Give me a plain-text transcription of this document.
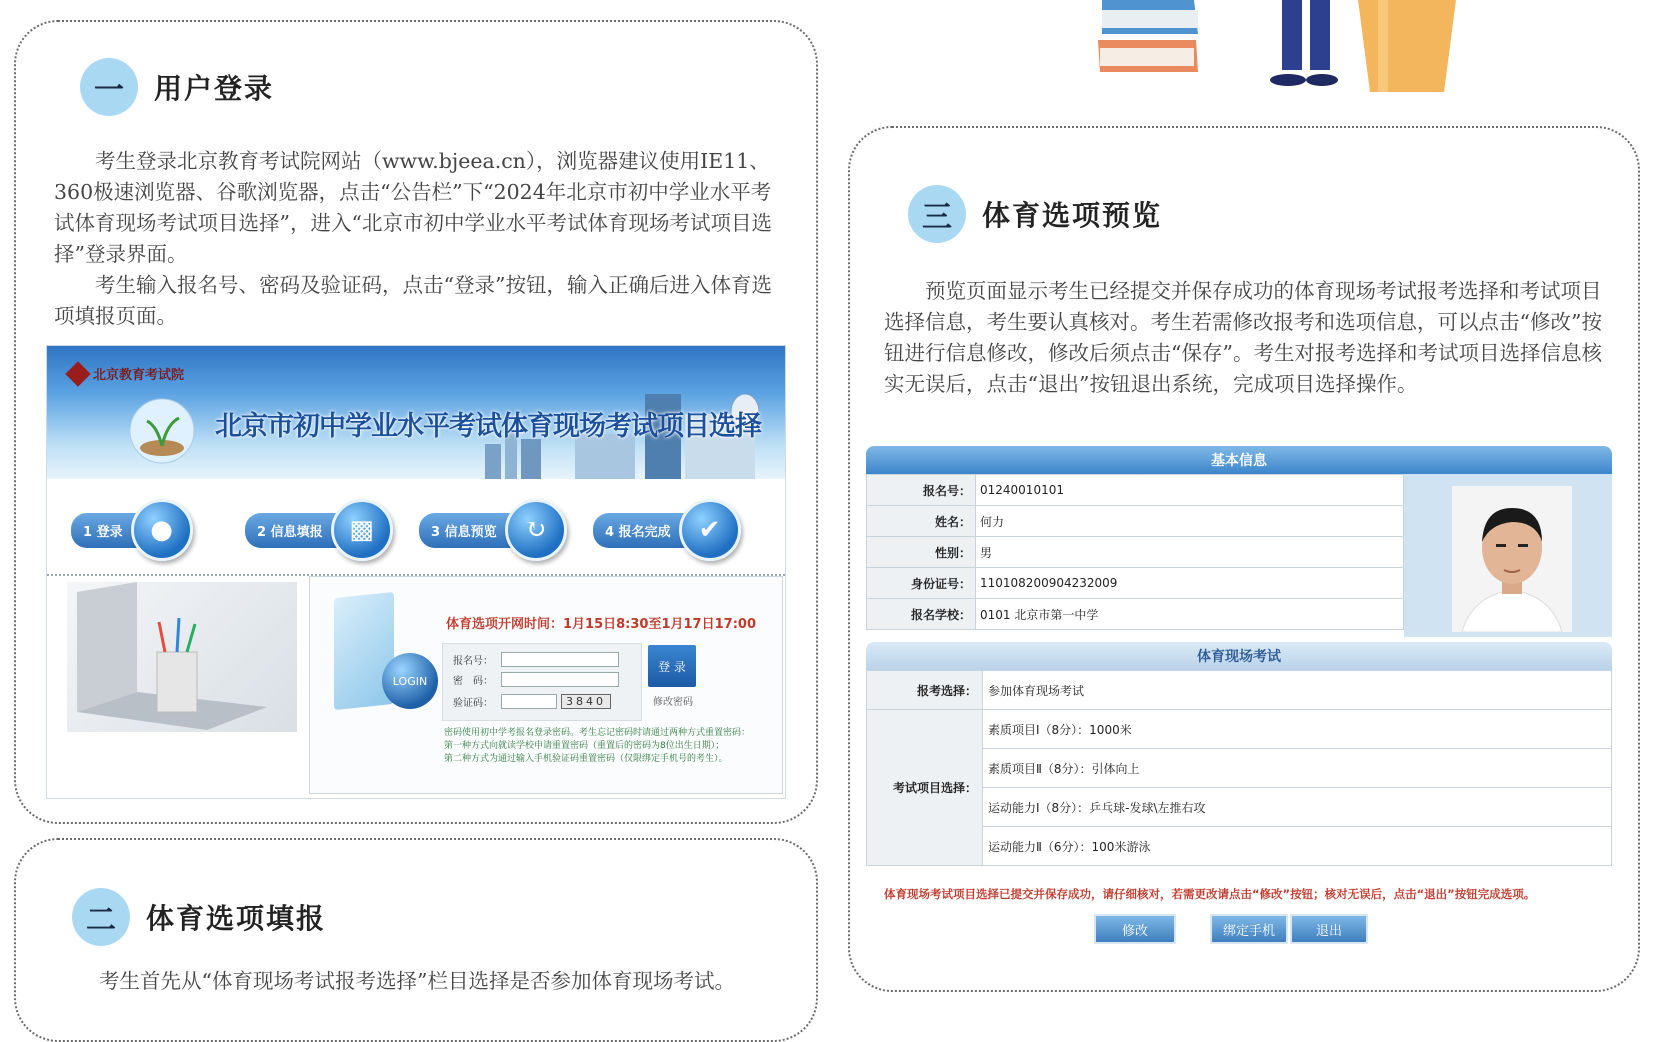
一	用户登录

考生登录北京教育考试院网站（www.bjeea.cn），浏览器建议使用IE11、360极速浏览器、谷歌浏览器，点击“公告栏”下“2024年北京市初中学业水平考试体育现场考试项目选择”，进入“北京市初中学业水平考试体育现场考试项目选择”登录界面。

考生输入报名号、密码及验证码，点击“登录”按钮，输入正确后进入体育选项填报页面。

北京教育考试院
北京市初中学业水平考试体育现场考试项目选择
1 登录	●	2 信息填报	▩	3 信息预览	↻	4 报名完成	✔
LOGIN
体育选项开网时间：1月15日8:30至1月17日17:00
报名号：
密　码：
验证码：	3840
登 录
修改密码
密码使用初中学考报名登录密码。考生忘记密码时请通过两种方式重置密码：
第一种方式向就读学校申请重置密码（重置后的密码为8位出生日期）；
第二种方式为通过输入手机验证码重置密码（仅限绑定手机号的考生）。
二	体育选项填报

考生首先从“体育现场考试报考选择”栏目选择是否参加体育现场考试。

三	体育选项预览

预览页面显示考生已经提交并保存成功的体育现场考试报考选择和考试项目选择信息，考生要认真核对。考生若需修改报考和选项信息，可以点击“修改”按钮进行信息修改，修改后须点击“保存”。考生对报考选择和考试项目选择信息核实无误后，点击“退出”按钮退出系统，完成项目选择操作。

基本信息
报名号：	01240010101
姓名：	何力
性别：	男
身份证号：	110108200904232009
报名学校：	0101 北京市第一中学
体育现场考试
报考选择：	参加体育现场考试
考试项目选择：	素质项目Ⅰ（8分）：1000米
	素质项目Ⅱ（8分）：引体向上
	运动能力Ⅰ（8分）：乒乓球-发球\左推右攻
	运动能力Ⅱ（6分）：100米游泳
体育现场考试项目选择已提交并保存成功，请仔细核对，若需更改请点击“修改”按钮；核对无误后，点击“退出”按钮完成选项。
修改	绑定手机	退出
